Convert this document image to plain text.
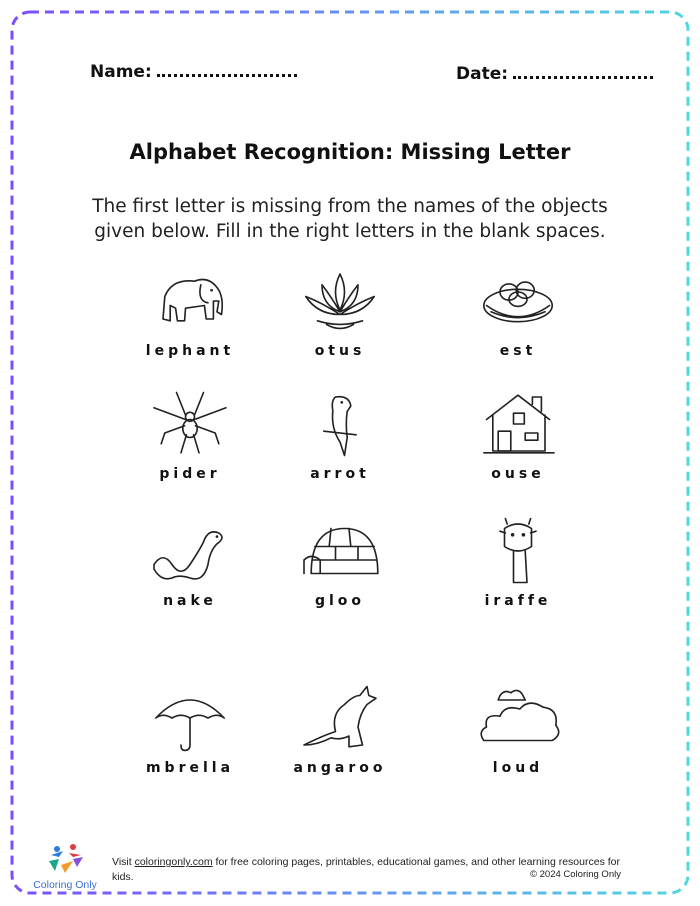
Name:	Date:
Alphabet Recognition: Missing Letter
The first letter is missing from the names of the objects given below. Fill in the right letters in the blank spaces.
lephant	otus	est
pider	arrot	ouse
nake	gloo	iraffe
mbrella	angaroo	loud
Coloring Only
Visit coloringonly.com for free coloring pages, printables, educational games, and other learning resources for kids.	© 2024 Coloring Only
